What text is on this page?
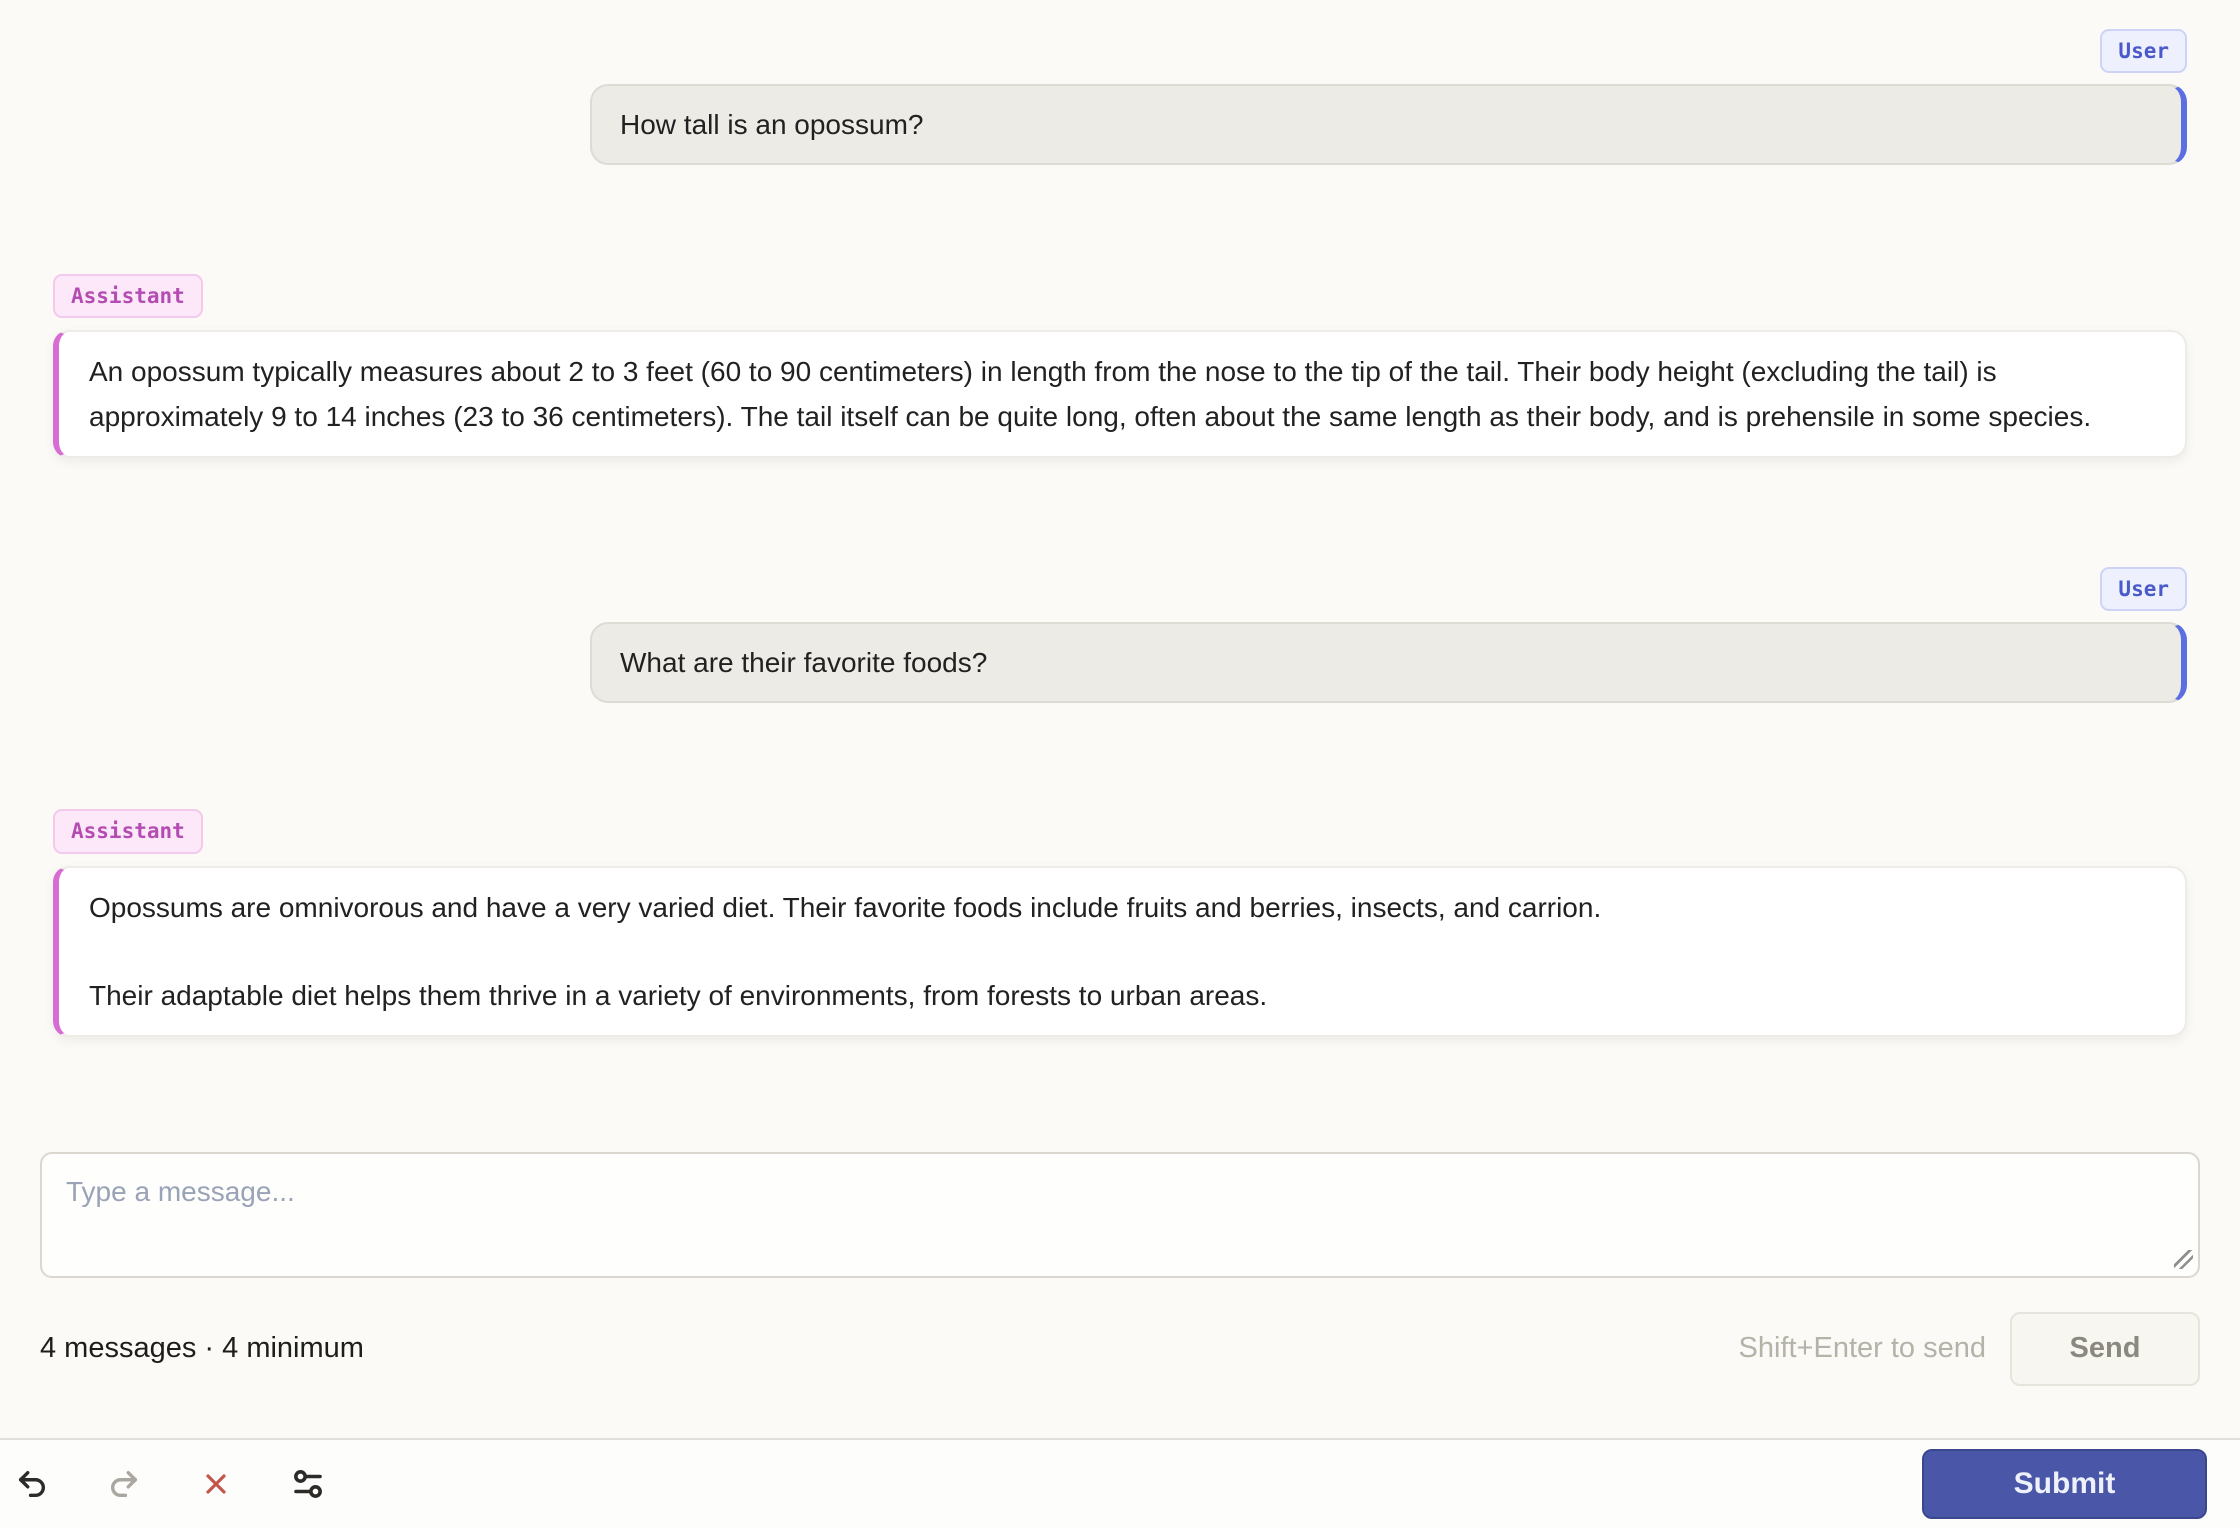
User
How tall is an opossum?
Assistant

An opossum typically measures about 2 to 3 feet (60 to 90 centimeters) in length from the nose to the tip of the tail. Their body height (excluding the tail) is approximately 9 to 14 inches (23 to 36 centimeters). The tail itself can be quite long, often about the same length as their body, and is prehensile in some species.

User
What are their favorite foods?
Assistant

Opossums are omnivorous and have a very varied diet. Their favorite foods include fruits and berries, insects, and carrion.

Their adaptable diet helps them thrive in a variety of environments, from forests to urban areas.

Type a message...
4 messages · 4 minimum	Shift+Enter to send	Send
Submit
